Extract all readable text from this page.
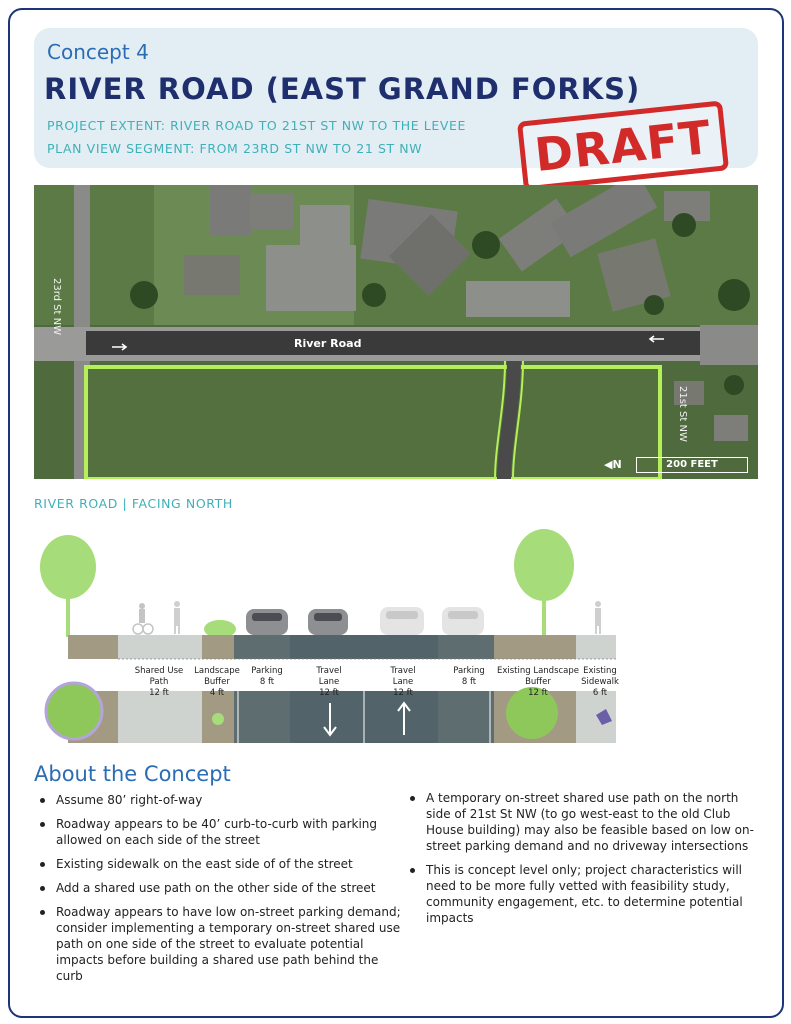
Concept 4
RIVER ROAD (EAST GRAND FORKS)
PROJECT EXTENT: RIVER ROAD TO 21ST ST NW TO THE LEVEE
PLAN VIEW SEGMENT: FROM 23RD ST NW TO 21 ST NW	DRAFT
River Road
23rd St NW
21st St NW
◀N	200 FEET
RIVER ROAD | FACING NORTH
Shared Use Path
12 ft
Landscape Buffer
4 ft
Parking
8 ft
Travel Lane
12 ft
Travel Lane
12 ft
Parking
8 ft
Existing Landscape Buffer
12 ft
Existing Sidewalk
6 ft
About the Concept
Assume 80’ right-of-way
Roadway appears to be 40’ curb-to-curb with parking allowed on each side of the street
Existing sidewalk on the east side of of the street
Add a shared use path on the other side of the street
Roadway appears to have low on-street parking demand; consider implementing a temporary on-street shared use path on one side of the street to evaluate potential impacts before building a shared use path behind the curb
A temporary on-street shared use path on the north side of 21st St NW (to go west-east to the old Club House building) may also be feasible based on low on-street parking demand and no driveway intersections
This is concept level only; project characteristics will need to be more fully vetted with feasibility study, community engagement, etc. to determine potential impacts
